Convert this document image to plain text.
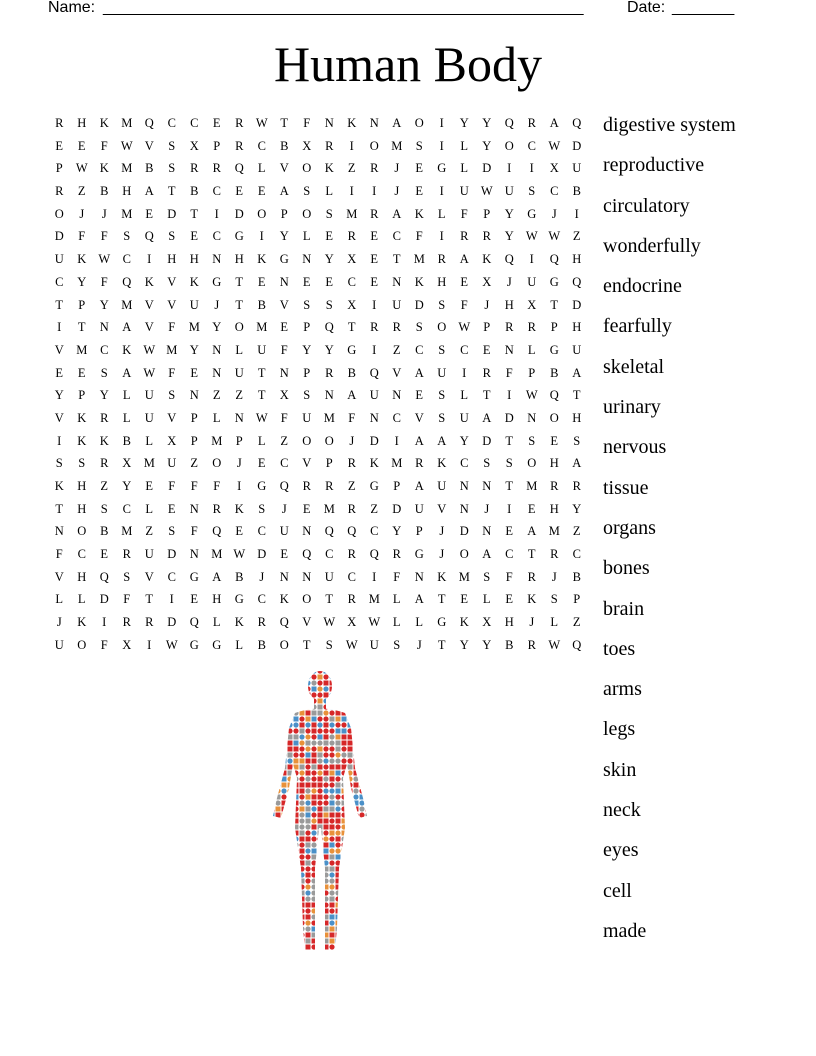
Name: ______________________________________________________	Date: _______
Human Body
R	H	K M Q	C	C	E	R W	T	F	N	K	N	A	O	I	Y	Y	Q	R	A	Q
E	E	F	W V	S	X	P	R	C	B	X	R	I	O M	S	I	L	Y	O	C W D
P	W K M	B	S	R	R	Q	L	V	O	K	Z	R	J	E	G	L	D	I	I	X	U
R	Z	B	H	A	T	B	C	E	E	A	S	L	I	I	J	E	I	U W U	S	C	B
O	J	J	M	E	D	T	I	D	O	P	O	S	M	R	A	K	L	F	P	Y	G	J	I
D	F	F	S	Q	S	E	C	G	I	Y	L	E	R	E	C	F	I	R	R	Y W W	Z
U	K W C	I	H	H	N	H	K	G	N	Y	X	E	T	M	R	A	K	Q	I	Q	H
C	Y	F	Q	K	V	K	G	T	E	N	E	E	C	E	N	K	H	E	X	J	U	G	Q
T	P	Y M V	V	U	J	T	B	V	S	S	X	I	U	D	S	F	J	H	X	T	D
I	T	N	A	V	F	M Y	O M	E	P	Q	T	R	R	S	O W	P	R	R	P	H
V M	C	K W M Y	N	L	U	F	Y	Y	G	I	Z	C	S	C	E	N	L	G	U
E	E	S	A W	F	E	N	U	T	N	P	R	B	Q	V	A	U	I	R	F	P	B	A
Y	P	Y	L	U	S	N	Z	Z	T	X	S	N	A	U	N	E	S	L	T	I	W Q	T
V	K	R	L	U	V	P	L	N W	F	U M	F	N	C	V	S	U	A	D	N	O	H
I	K	K	B	L	X	P	M	P	L	Z	O	O	J	D	I	A	A	Y	D	T	S	E	S
S	S	R	X M U	Z	O	J	E	C	V	P	R	K M	R	K	C	S	S	O	H	A
K	H	Z	Y	E	F	F	F	I	G	Q	R	R	Z	G	P	A	U	N	N	T	M	R	R
T	H	S	C	L	E	N	R	K	S	J	E	M	R	Z	D	U	V	N	J	I	E	H	Y
N	O	B	M	Z	S	F	Q	E	C	U	N	Q	Q	C	Y	P	J	D	N	E	A M	Z
F	C	E	R	U	D	N M W D	E	Q	C	R	Q	R	G	J	O	A	C	T	R	C
V	H	Q	S	V	C	G	A	B	J	N	N	U	C	I	F	N	K M	S	F	R	J	B
L	L	D	F	T	I	E	H	G	C	K	O	T	R	M	L	A	T	E	L	E	K	S	P
J	K	I	R	R	D	Q	L	K	R	Q	V W X W	L	L	G	K	X	H	J	L	Z
U	O	F	X	I	W G	G	L	B	O	T	S	W U	S	J	T	Y	Y	B	R W Q
digestive system
reproductive
circulatory
wonderfully
endocrine
fearfully
skeletal
urinary
nervous
tissue
organs
bones
brain
toes
arms
legs
skin
neck
eyes
cell
made
